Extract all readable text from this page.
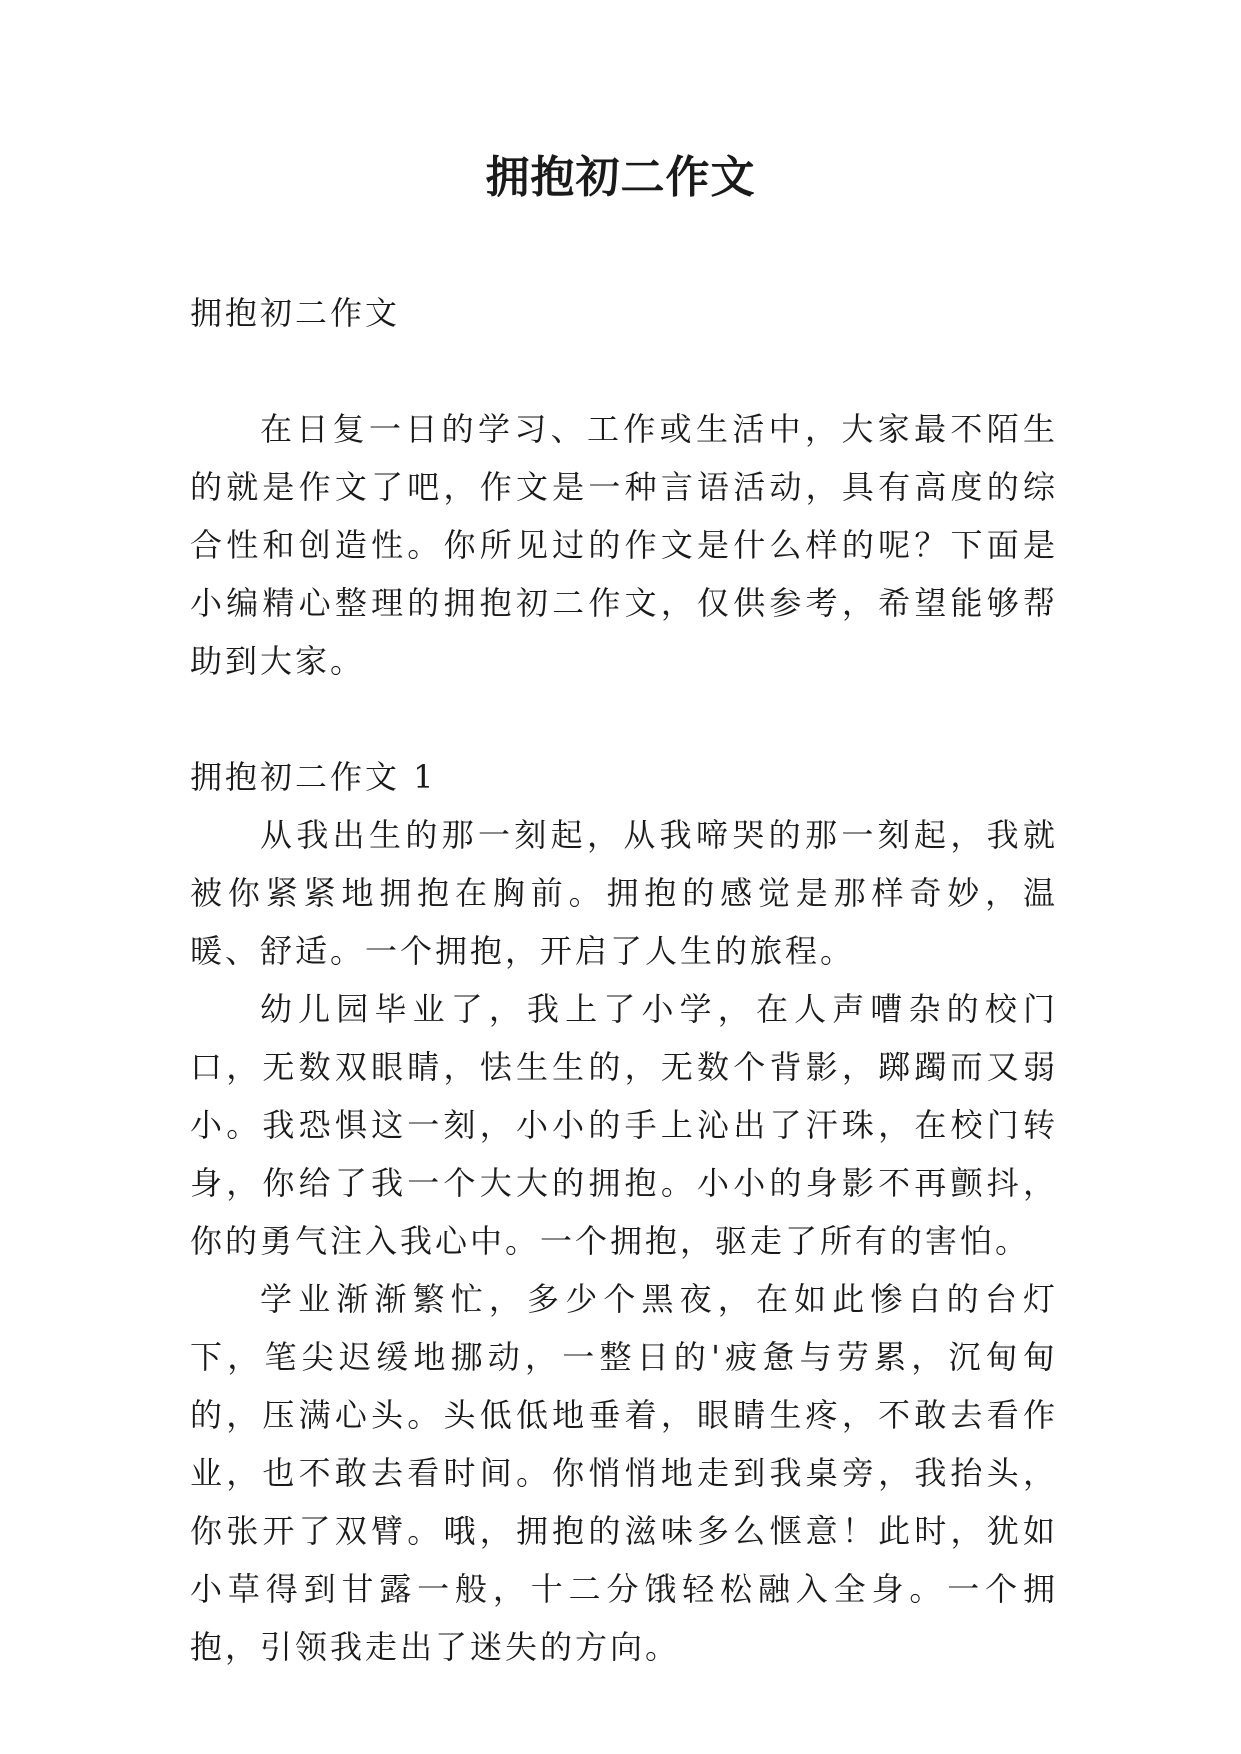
拥抱初二作文

拥抱初二作文

在日复一日的学习、工作或生活中，大家最不陌生的就是作文了吧，作文是一种言语活动，具有高度的综合性和创造性。你所见过的作文是什么样的呢？下面是小编精心整理的拥抱初二作文，仅供参考，希望能够帮助到大家。

拥抱初二作文 1

从我出生的那一刻起，从我啼哭的那一刻起，我就被你紧紧地拥抱在胸前。拥抱的感觉是那样奇妙，温暖、舒适。一个拥抱，开启了人生的旅程。

幼儿园毕业了，我上了小学，在人声嘈杂的校门口，无数双眼睛，怯生生的，无数个背影，踯躅而又弱小。我恐惧这一刻，小小的手上沁出了汗珠，在校门转身，你给了我一个大大的拥抱。小小的身影不再颤抖，你的勇气注入我心中。一个拥抱，驱走了所有的害怕。

学业渐渐繁忙，多少个黑夜，在如此惨白的台灯下，笔尖迟缓地挪动，一整日的'疲惫与劳累，沉甸甸的，压满心头。头低低地垂着，眼睛生疼，不敢去看作业，也不敢去看时间。你悄悄地走到我桌旁，我抬头，你张开了双臂。哦，拥抱的滋味多么惬意！此时，犹如小草得到甘露一般，十二分饿轻松融入全身。一个拥抱，引领我走出了迷失的方向。
